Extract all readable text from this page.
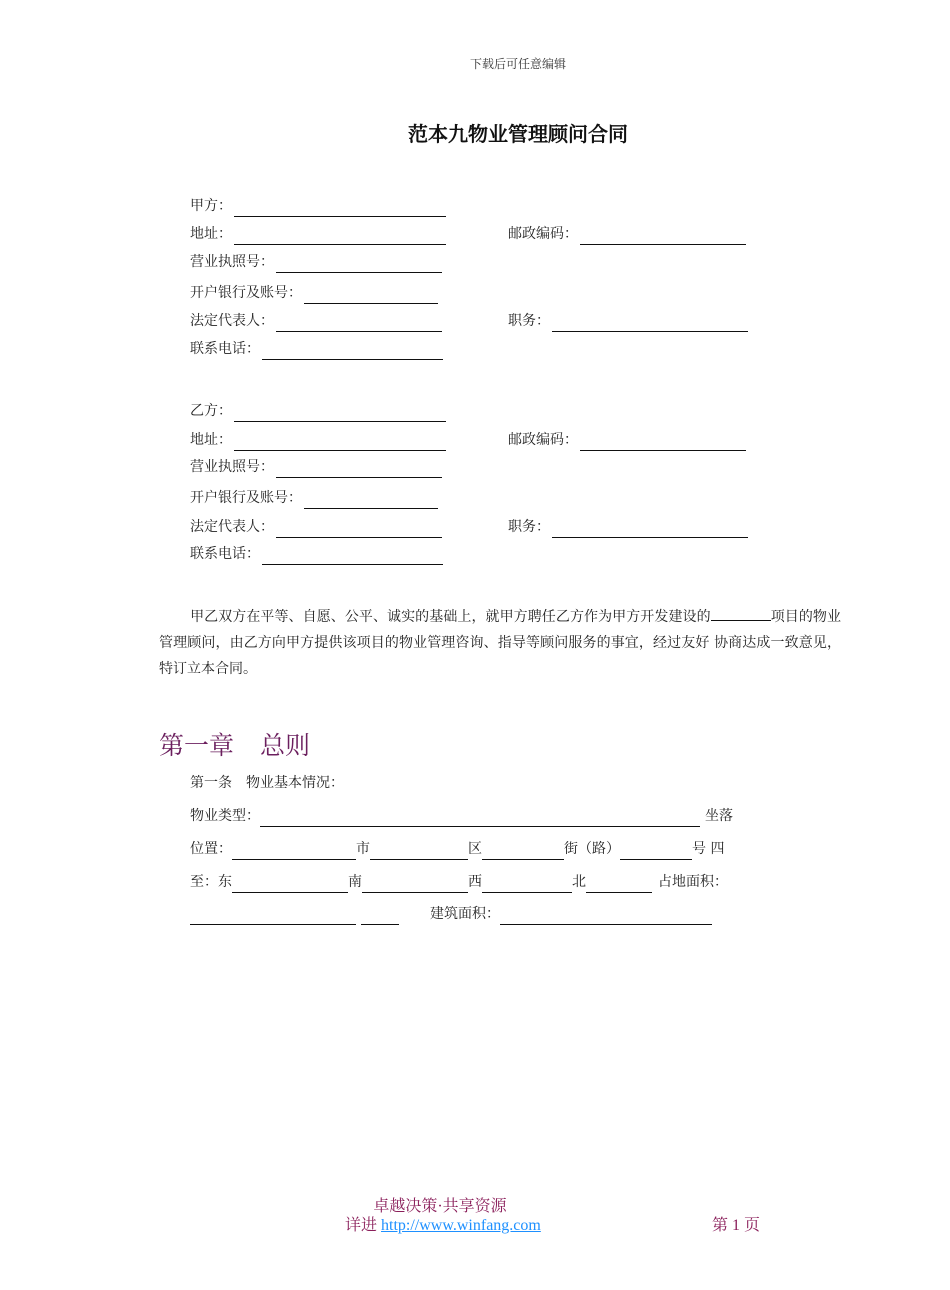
下载后可任意编辑
范本九物业管理顾问合同
甲方：
地址：	邮政编码：
营业执照号：
开户银行及账号：
法定代表人：	职务：
联系电话：
乙方：
地址：	邮政编码：
营业执照号：
开户银行及账号：
法定代表人：	职务：
联系电话：
甲乙双方在平等、自愿、公平、诚实的基础上，就甲方聘任乙方作为甲方开发建设的	项目的物业管理顾问，由乙方向甲方提供该项目的物业管理咨询、指导等顾问服务的事宜，经过友好 协商达成一致意见，特订立本合同。
第一章 总则
第一条 物业基本情况：
物业类型：	坐落
位置：	市	区	街（路）	号 四
至：东	南	西	北	占地面积：
建筑面积：
卓越决策·共享资源
详进 http://www.winfang.com	第 1 页
